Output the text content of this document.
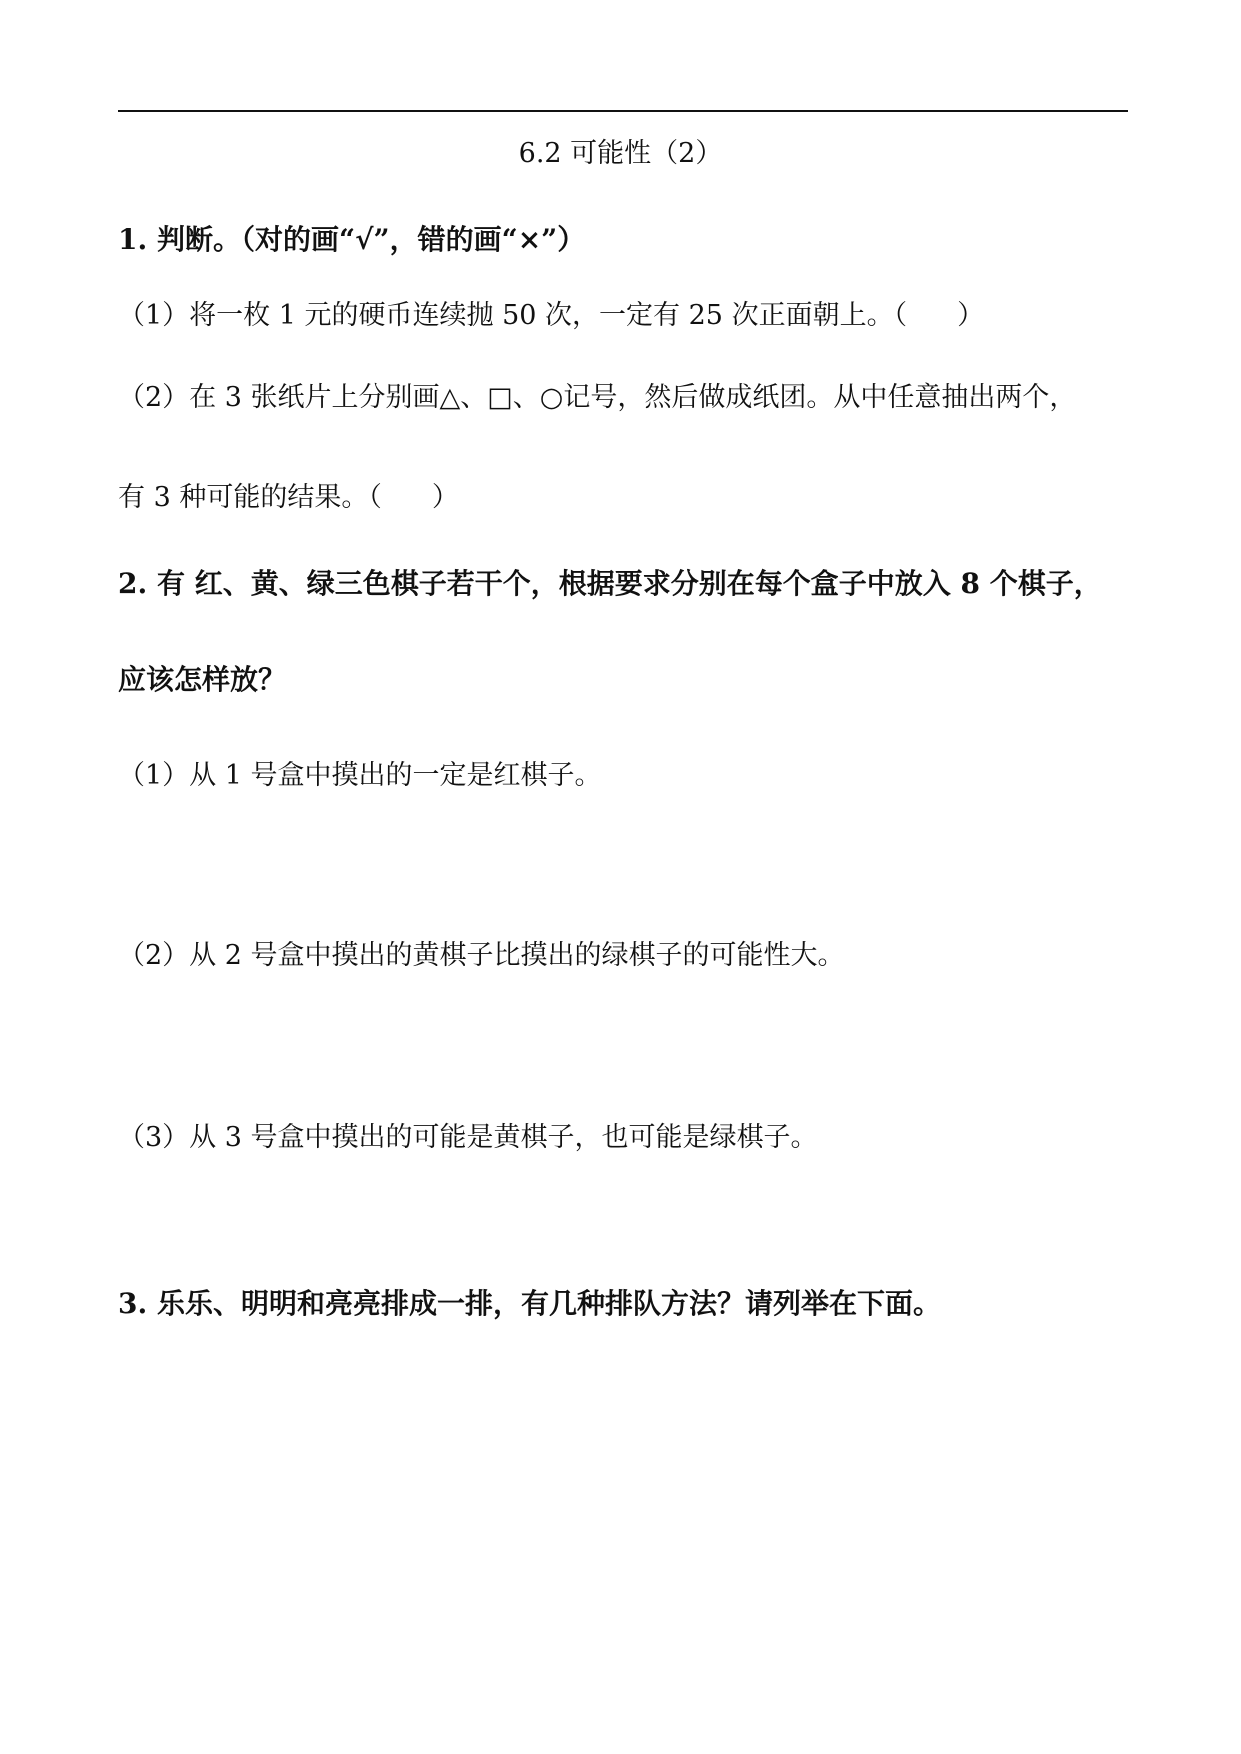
6.2 可能性（2）

1. 判断。（对的画“√”，错的画“×”）

（1）将一枚 1 元的硬币连续抛 50 次，一定有 25 次正面朝上。（ ）

（2）在 3 张纸片上分别画△、□、○记号，然后做成纸团。从中任意抽出两个，

有 3 种可能的结果。（ ）

2. 有 红、黄、绿三色棋子若干个，根据要求分别在每个盒子中放入 8 个棋子，

应该怎样放？

（1）从 1 号盒中摸出的一定是红棋子。

（2）从 2 号盒中摸出的黄棋子比摸出的绿棋子的可能性大。

（3）从 3 号盒中摸出的可能是黄棋子，也可能是绿棋子。

3. 乐乐、明明和亮亮排成一排，有几种排队方法？请列举在下面。
